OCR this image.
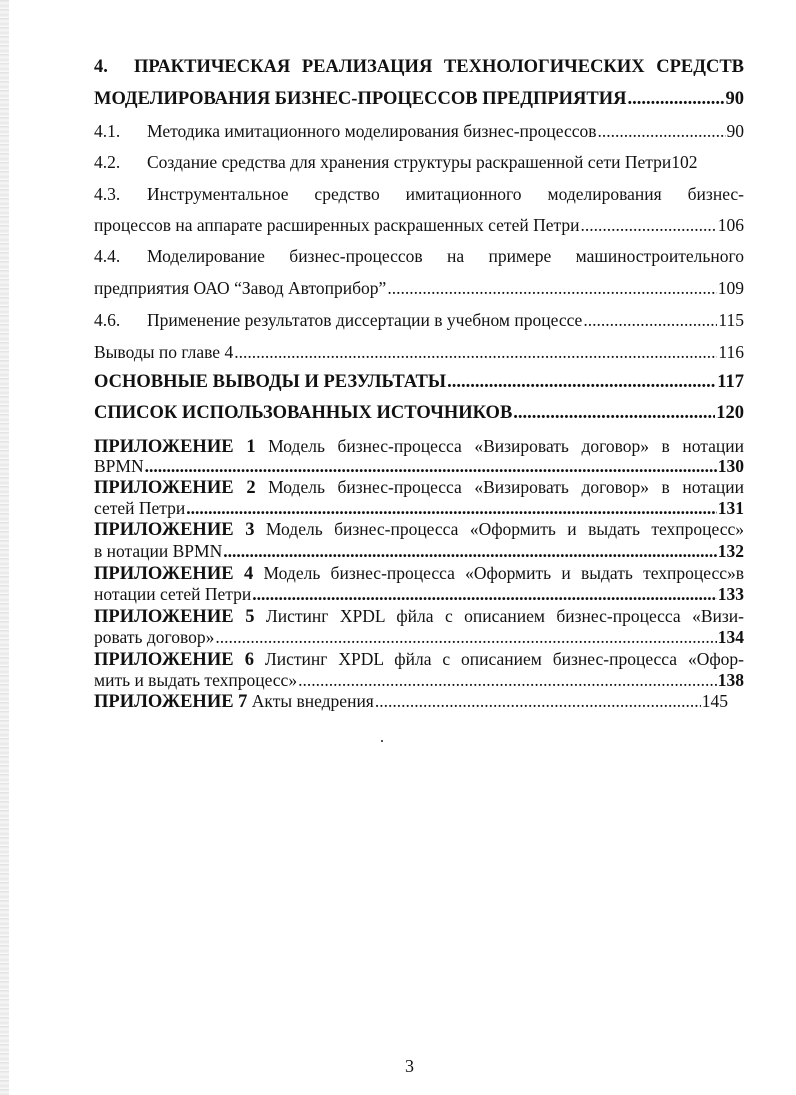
4. ПРАКТИЧЕСКАЯ РЕАЛИЗАЦИЯ ТЕХНОЛОГИЧЕСКИХ СРЕДСТВ
МОДЕЛИРОВАНИЯ БИЗНЕС-ПРОЦЕССОВ ПРЕДПРИЯТИЯ .....	90
4.1.	Методика имитационного моделирования бизнес-процессов .....	90
4.2.	Создание средства для хранения структуры раскрашенной сети Петри 102
4.3. Инструментальное средство имитационного моделирования бизнес-
процессов на аппарате расширенных раскрашенных сетей Петри .....	106
4.4. Моделирование бизнес-процессов на примере машиностроительного
предприятия ОАО “Завод Автоприбор” .....	109
4.6.	Применение результатов диссертации в учебном процессе .....	115
Выводы по главе 4 .....	116
ОСНОВНЫЕ ВЫВОДЫ И РЕЗУЛЬТАТЫ .....	117
СПИСОК ИСПОЛЬЗОВАННЫХ ИСТОЧНИКОВ .....	120
ПРИЛОЖЕНИЕ 1 Модель бизнес-процесса «Визировать договор» в нотации
BPMN .....	130
ПРИЛОЖЕНИЕ 2 Модель бизнес-процесса «Визировать договор» в нотации
сетей Петри .....	131
ПРИЛОЖЕНИЕ 3 Модель бизнес-процесса «Оформить и выдать техпроцесс»
в нотации BPMN .....	132
ПРИЛОЖЕНИЕ 4 Модель бизнес-процесса «Оформить и выдать техпроцесс»в
нотации сетей Петри .....	133
ПРИЛОЖЕНИЕ 5 Листинг XPDL фйла с описанием бизнес-процесса «Визи-
ровать договор» .....	134
ПРИЛОЖЕНИЕ 6 Листинг XPDL фйла с описанием бизнес-процесса «Офор-
мить и выдать техпроцесс» .....	138
ПРИЛОЖЕНИЕ 7
Акты внедрения .....	145
3
